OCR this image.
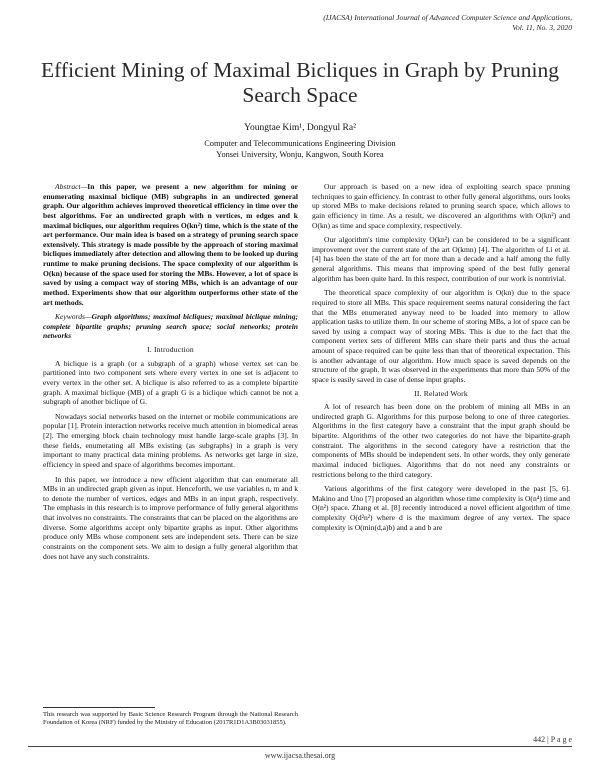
(IJACSA) International Journal of Advanced Computer Science and Applications,
Vol. 11, No. 3, 2020
Efficient Mining of Maximal Bicliques in Graph by Pruning Search Space
Youngtae Kim¹, Dongyul Ra²
Computer and Telecommunications Engineering Division
Yonsei University, Wonju, Kangwon, South Korea

Abstract—In this paper, we present a new algorithm for mining or enumerating maximal biclique (MB) subgraphs in an undirected general graph. Our algorithm achieves improved theoretical efficiency in time over the best algorithms. For an undirected graph with n vertices, m edges and k maximal bicliques, our algorithm requires O(kn²) time, which is the state of the art performance. Our main idea is based on a strategy of pruning search space extensively. This strategy is made possible by the approach of storing maximal bicliques immediately after detection and allowing them to be looked up during runtime to make pruning decisions. The space complexity of our algorithm is O(kn) because of the space used for storing the MBs. However, a lot of space is saved by using a compact way of storing MBs, which is an advantage of our method. Experiments show that our algorithm outperforms other state of the art methods.

Keywords—Graph algorithms; maximal bicliques; maximal biclique mining; complete bipartite graphs; pruning search space; social networks; protein networks

I. Introduction

A biclique is a graph (or a subgraph of a graph) whose vertex set can be partitioned into two component sets where every vertex in one set is adjacent to every vertex in the other set. A biclique is also referred to as a complete bipartite graph. A maximal biclique (MB) of a graph G is a biclique which cannot be not a subgraph of another biclique of G.

Nowadays social networks based on the internet or mobile communications are popular [1]. Protein interaction networks receive much attention in biomedical areas [2]. The emerging block chain technology must handle large-scale graphs [3]. In these fields, enumerating all MBs existing (as subgraphs) in a graph is very important to many practical data mining problems. As networks get large in size, efficiency in speed and space of algorithms becomes important.

In this paper, we introduce a new efficient algorithm that can enumerate all MBs in an undirected graph given as input. Henceforth, we use variables n, m and k to denote the number of vertices, edges and MBs in an input graph, respectively. The emphasis in this research is to improve performance of fully general algorithms that involves no constraints. The constraints that can be placed on the algorithms are diverse. Some algorithms accept only bipartite graphs as input. Other algorithms produce only MBs whose component sets are independent sets. There can be size constraints on the component sets. We aim to design a fully general algorithm that does not have any such constraints.

This research was supported by Basic Science Research Program through the National Research Foundation of Korea (NRF) funded by the Ministry of Education (2017R1D1A3B03031855).

Our approach is based on a new idea of exploiting search space pruning techniques to gain efficiency. In contrast to other fully general algorithms, ours looks up stored MBs to make decisions related to pruning search space, which allows to gain efficiency in time. As a result, we discovered an algorithms with O(kn²) and O(kn) as time and space complexity, respectively.

Our algorithm's time complexity O(kn²) can be considered to be a significant improvement over the current state of the art O(kmn) [4]. The algorithm of Li et al. [4] has been the state of the art for more than a decade and a half among the fully general algorithms. This means that improving speed of the best fully general algorithm has been quite hard. In this respect, contribution of our work is nontrivial.

The theoretical space complexity of our algorithm is O(kn) due to the space required to store all MBs. This space requirement seems natural considering the fact that the MBs enumerated anyway need to be loaded into memory to allow application tasks to utilize them. In our scheme of storing MBs, a lot of space can be saved by using a compact way of storing MBs. This is due to the fact that the component vertex sets of different MBs can share their parts and thus the actual amount of space required can be quite less than that of theoretical expectation. This is another advantage of our algorithm. How much space is saved depends on the structure of the graph. It was observed in the experiments that more than 50% of the space is easily saved in case of dense input graphs.

II. Related Work

A lot of research has been done on the problem of mining all MBs in an undirected graph G. Algorithms for this purpose belong to one of three categories. Algorithms in the first category have a constraint that the input graph should be bipartite. Algorithms of the other two categories do not have the bipartite-graph constraint. The algorithms in the second category have a restriction that the components of MBs should be independent sets. In other words, they only generate maximal induced bicliques. Algorithms that do not need any constraints or restrictions belong to the third category.

Various algorithms of the first category were developed in the past [5, 6]. Makino and Uno [7] proposed an algorithm whose time complexity is O(n⁴) time and O(n²) space. Zhang et al. [8] recently introduced a novel efficient algorithm of time complexity O(d²n²) where d is the maximum degree of any vertex. The space complexity is O(min(d,a)b) and a and b are

442 | P a g e
www.ijacsa.thesai.org
